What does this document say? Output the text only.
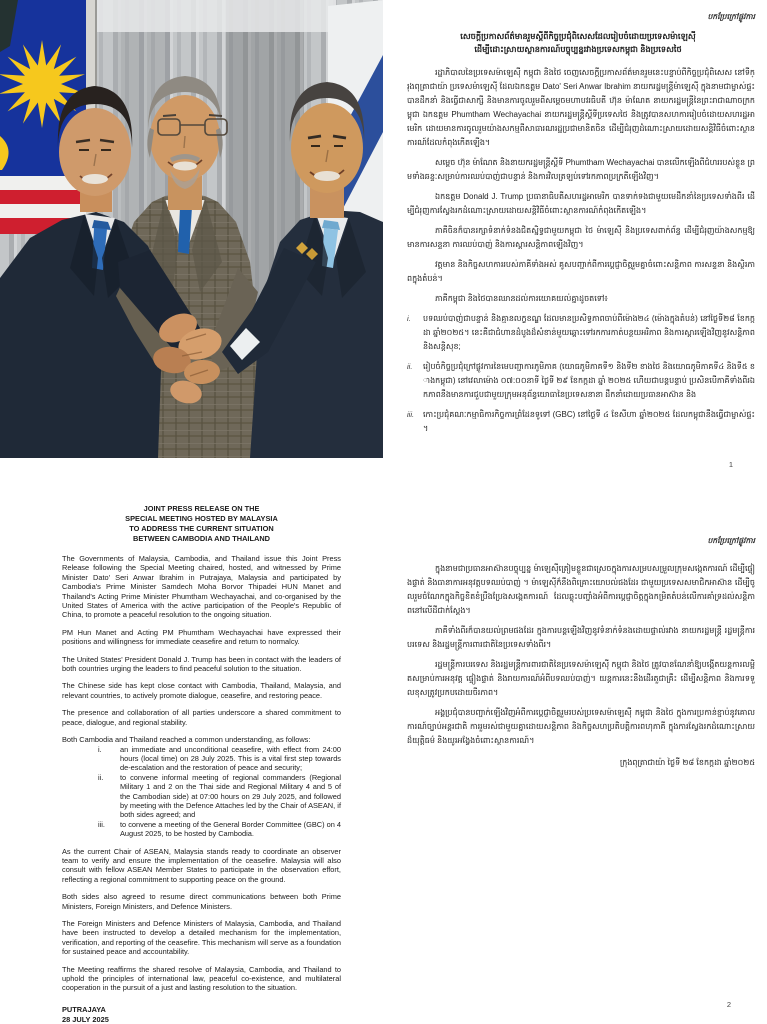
បកប្រែក្រៅផ្លូវការ
សេចក្តីប្រកាសព័ត៌មានរួមស្តីពីកិច្ចប្រជុំពិសេសដែលរៀបចំដោយប្រទេសម៉ាឡេស៊ី
ដើម្បីដោះស្រាយស្ថានការណ៍បច្ចុប្បន្នរវាងប្រទេសកម្ពុជា និងប្រទេសថៃ

រដ្ឋាភិបាលនៃប្រទេសម៉ាឡេស៊ី កម្ពុជា និងថៃ ចេញសេចក្តីប្រកាសព័ត៌មានរួមនេះបន្ទាប់ពីកិច្ចប្រជុំពិសេស នៅទីក្រុងពុត្រាជាយ៉ា ប្រទេសម៉ាឡេស៊ី ដែលឯកឧត្តម Dato' Seri Anwar Ibrahim នាយករដ្ឋមន្ត្រីម៉ាឡេស៊ី ក្នុងនាមជាម្ចាស់ផ្ទះ បានដឹកនាំ និងធ្វើជាសាក្សី និងមានការចូលរួមពីសម្តេចមហាបវរធិបតី ហ៊ុន ម៉ាណែត នាយករដ្ឋមន្ត្រីនៃព្រះរាជាណាចក្រកម្ពុជា ឯកឧត្តម Phumtham Wechayachai នាយករដ្ឋមន្ត្រីស្តីទីប្រទេសថៃ និងត្រូវបានសហការរៀបចំដោយសហរដ្ឋអាមេរិក ដោយមានការចូលរួមយ៉ាងសកម្មពីសាធារណរដ្ឋប្រជាមានិតចិន ដើម្បីជំរុញដំណោះស្រាយដោយសន្តិវិធីចំពោះស្ថានការណ៍ដែលកំពុងកើតឡើង។

សម្តេច ហ៊ុន ម៉ាណែត និងនាយករដ្ឋមន្ត្រីស្តីទី Phumtham Wechayachai បានលើកឡើងពីជំហររបស់ខ្លួន ព្រមទាំងឆន្ទៈសម្រាប់ការឈប់បាញ់ជាបន្ទាន់ និងការវិលត្រឡប់ទៅរកភាពប្រក្រតីឡើងវិញ។

ឯកឧត្តម Donald J. Trump ប្រធានាធិបតីសហរដ្ឋអាមេរិក បានទាក់ទងជាមួយមេដឹកនាំនៃប្រទេសទាំងពីរ ដើម្បីជំរុញការស្វែងរកដំណោះស្រាយដោយសន្តិវិធីចំពោះស្ថានការណ៍កំពុងកើតឡើង។

ភាគីចិនក៏បានរក្សាទំនាក់ទំនងជិតស្និទ្ធជាមួយកម្ពុជា ថៃ ម៉ាឡេស៊ី និងប្រទេសពាក់ព័ន្ធ ដើម្បីជំរុញយ៉ាងសកម្មឱ្យមានការសន្ទនា ការឈប់បាញ់ និងការស្តារសន្តិភាពឡើងវិញ។

វត្តមាន និងកិច្ចសហការរបស់ភាគីទាំងអស់ គូសបញ្ជាក់ពីការប្តេជ្ញាចិត្តរួមគ្នាចំពោះសន្តិភាព ការសន្ទនា និងស្ថិរភាពក្នុងតំបន់។

ភាគីកម្ពុជា និងថៃបានឈានដល់ការយោគយល់គ្នាដូចតទៅ៖

i.	បទឈប់បាញ់ជាបន្ទាន់ និងគ្មានលក្ខខណ្ឌ ដែលមានប្រសិទ្ធភាពចាប់ពីម៉ោង២៤ (ម៉ោងក្នុងតំបន់) នៅថ្ងៃទី២៨ ខែកក្កដា ឆ្នាំ២០២៥។ នេះគឺជាជំហានដំបូងដ៏សំខាន់មួយឆ្ពោះទៅរកការកាត់បន្ថយអរិភាព និងការស្តារឡើងវិញនូវសន្តិភាព និងសន្តិសុខ;
ii.	រៀបចំកិច្ចប្រជុំក្រៅផ្លូវការនៃមេបញ្ជាការភូមិភាគ (យោធភូមិភាគទី១ និងទី២ ខាងថៃ និងយោធភូមិភាគទី៤ និងទី៥ ខាងកម្ពុជា) នៅវេលាម៉ោង ០៧:០០នាទី ថ្ងៃទី ២៩ ខែកក្កដា ឆ្នាំ ២០២៥ ហើយជាបន្តបន្ទាប់ ប្រសិនបើភាគីទាំងពីរឯកភាពនឹងមានការជួបជាមួយក្រុមអនុព័ន្ធយោធានៃប្រទេសនានា ដឹកនាំដោយប្រធានអាស៊ាន និង
iii.	កោះប្រជុំគណៈកម្មាធិការកិច្ចការព្រំដែនទូទៅ (GBC) នៅថ្ងៃទី ៤ ខែសីហា ឆ្នាំ២០២៥ ដែលកម្ពុជានឹងធ្វើជាម្ចាស់ផ្ទះ។
1
JOINT PRESS RELEASE ON THE
SPECIAL MEETING HOSTED BY MALAYSIA
TO ADDRESS THE CURRENT SITUATION
BETWEEN CAMBODIA AND THAILAND

The Governments of Malaysia, Cambodia, and Thailand issue this Joint Press Release following the Special Meeting chaired, hosted, and witnessed by Prime Minister Dato' Seri Anwar Ibrahim in Putrajaya, Malaysia and participated by Cambodia's Prime Minister Samdech Moha Borvor Thipadei HUN Manet and Thailand's Acting Prime Minister Phumtham Wechayachai, and co-organised by the United States of America with the active participation of the People's Republic of China, to promote a peaceful resolution to the ongoing situation.

PM Hun Manet and Acting PM Phumtham Wechayachai have expressed their positions and willingness for immediate ceasefire and return to normalcy.

The United States' President Donald J. Trump has been in contact with the leaders of both countries urging the leaders to find peaceful solution to the situation.

The Chinese side has kept close contact with Cambodia, Thailand, Malaysia, and relevant countries, to actively promote dialogue, ceasefire, and restoring peace.

The presence and collaboration of all parties underscore a shared commitment to peace, dialogue, and regional stability.

Both Cambodia and Thailand reached a common understanding, as follows:

i.	an immediate and unconditional ceasefire, with effect from 24:00 hours (local time) on 28 July 2025. This is a vital first step towards de-escalation and the restoration of peace and security;
ii.	to convene informal meeting of regional commanders (Regional Military 1 and 2 on the Thai side and Regional Military 4 and 5 of the Cambodian side) at 07:00 hours on 29 July 2025, and followed by meeting with the Defence Attaches led by the Chair of ASEAN, if both sides agreed; and
iii.	to convene a meeting of the General Border Committee (GBC) on 4 August 2025, to be hosted by Cambodia.

As the current Chair of ASEAN, Malaysia stands ready to coordinate an observer team to verify and ensure the implementation of the ceasefire. Malaysia will also consult with fellow ASEAN Member States to participate in the observation effort, reflecting a regional commitment to supporting peace on the ground.

Both sides also agreed to resume direct communications between both Prime Ministers, Foreign Ministers, and Defence Ministers.

The Foreign Ministers and Defence Ministers of Malaysia, Cambodia, and Thailand have been instructed to develop a detailed mechanism for the implementation, verification, and reporting of the ceasefire. This mechanism will serve as a foundation for sustained peace and accountability.

The Meeting reaffirms the shared resolve of Malaysia, Cambodia, and Thailand to uphold the principles of international law, peaceful co-existence, and multilateral cooperation in the pursuit of a just and lasting resolution to the situation.

PUTRAJAYA
28 JULY 2025
បកប្រែក្រៅផ្លូវការ

ក្នុងនាមជាប្រធានអាស៊ានបច្ចុប្បន្ន ម៉ាឡេស៊ីត្រៀមខ្លួនជាស្រេចក្នុងការសម្របសម្រួលក្រុមសង្កេតការណ៍ ដើម្បីផ្ទៀងផ្ទាត់ និងធានាការអនុវត្តបទឈប់បាញ់ ។ ម៉ាឡេស៊ីក៏នឹងពិគ្រោះយោបល់ផងដែរ ជាមួយប្រទេសសមាជិកអាស៊ាន ដើម្បីចូលរួមចំណែកក្នុងកិច្ចខិតខំប្រឹងប្រែងសង្កេតការណ៍ ដែលឆ្លុះបញ្ចាំងអំពីការប្តេជ្ញាចិត្តក្នុងកម្រិតតំបន់លើការគាំទ្រដល់សន្តិភាពនៅលើដីជាក់ស្តែង។

ភាគីទាំងពីរក៏បានយល់ព្រមផងដែរ ក្នុងការបន្តឡើងវិញនូវទំនាក់ទំនងដោយផ្ទាល់រវាង នាយករដ្ឋមន្ត្រី រដ្ឋមន្ត្រីការបរទេស និងរដ្ឋមន្ត្រីការពារជាតិនៃប្រទេសទាំងពីរ។

រដ្ឋមន្ត្រីការបរទេស និងរដ្ឋមន្ត្រីការពារជាតិនៃប្រទេសម៉ាឡេស៊ី កម្ពុជា និងថៃ ត្រូវបានណែនាំឱ្យបង្កើតយន្តការលម្អិតសម្រាប់ការអនុវត្ត ផ្ទៀងផ្ទាត់ និងរាយការណ៍អំពីបទឈប់បាញ់។ យន្តការនេះនឹងដើរតួជាគ្រឹះ ដើម្បីសន្តិភាព និងការទទួលខុសត្រូវប្រកបដោយចីរភាព។

អង្គប្រជុំបានបញ្ជាក់ឡើងវិញអំពីការប្តេជ្ញាចិត្តរួមរបស់ប្រទេសម៉ាឡេស៊ី កម្ពុជា និងថៃ ក្នុងការប្រកាន់ខ្ជាប់នូវគោលការណ៍ច្បាប់អន្តរជាតិ ការរួមរស់ជាមួយគ្នាដោយសន្តិភាព និងកិច្ចសហប្រតិបត្តិការពហុភាគី ក្នុងការស្វែងរកដំណោះស្រាយដ៏យុត្តិធម៌ និងយូរអង្វែងចំពោះស្ថានការណ៍។

ក្រុងពុត្រាជាយ៉ា ថ្ងៃទី ២៨ ខែកក្កដា ឆ្នាំ២០២៥
2
